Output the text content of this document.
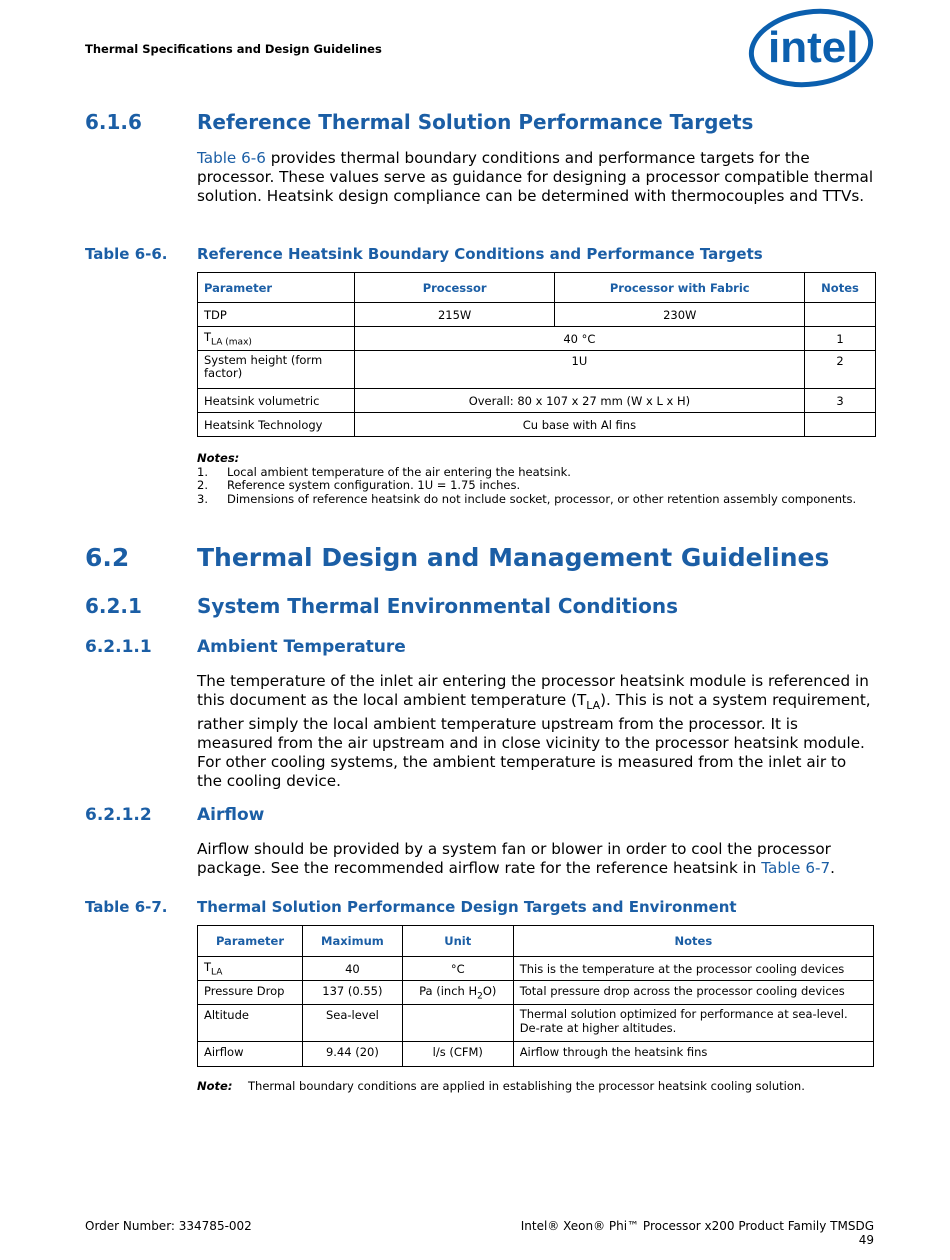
Thermal Specifications and Design Guidelines	intel
6.1.6	Reference Thermal Solution Performance Targets
Table 6-6 provides thermal boundary conditions and performance targets for the processor. These values serve as guidance for designing a processor compatible thermal solution. Heatsink design compliance can be determined with thermocouples and TTVs.
Table 6-6. Reference Heatsink Boundary Conditions and Performance Targets
Parameter	Processor	Processor with Fabric	Notes
TDP	215W	230W	
$T_{LA (max)}$	40 °C		1
System height (form factor)	1U		2
Heatsink volumetric	Overall: 80 x 107 x 27 mm (W x L x H)		3
Heatsink Technology	Cu base with Al fins		
Notes:
1.	Local ambient temperature of the air entering the heatsink.
2.	Reference system configuration. 1U = 1.75 inches.
3.	Dimensions of reference heatsink do not include socket, processor, or other retention assembly components.
6.2	Thermal Design and Management Guidelines
6.2.1	System Thermal Environmental Conditions
6.2.1.1	Ambient Temperature
The temperature of the inlet air entering the processor heatsink module is referenced in this document as the local ambient temperature $(T_{LA})$. This is not a system requirement, rather simply the local ambient temperature upstream from the processor. It is measured from the air upstream and in close vicinity to the processor heatsink module. For other cooling systems, the ambient temperature is measured from the inlet air to the cooling device.
6.2.1.2	Airflow
Airflow should be provided by a system fan or blower in order to cool the processor package. See the recommended airflow rate for the reference heatsink in Table 6-7.
Table 6-7. Thermal Solution Performance Design Targets and Environment
Parameter	Maximum	Unit	Notes
$T_{LA}$	40	°C	This is the temperature at the processor cooling devices
Pressure Drop	137 (0.55)	Pa (inch $H_2O$)	Total pressure drop across the processor cooling devices
Altitude	Sea-level		Thermal solution optimized for performance at sea-level. De-rate at higher altitudes.
Airflow	9.44 (20)	l/s (CFM)	Airflow through the heatsink fins
Note: Thermal boundary conditions are applied in establishing the processor heatsink cooling solution.
Order Number: 334785-002	Intel® Xeon® Phi™ Processor x200 Product Family TMSDG
49
